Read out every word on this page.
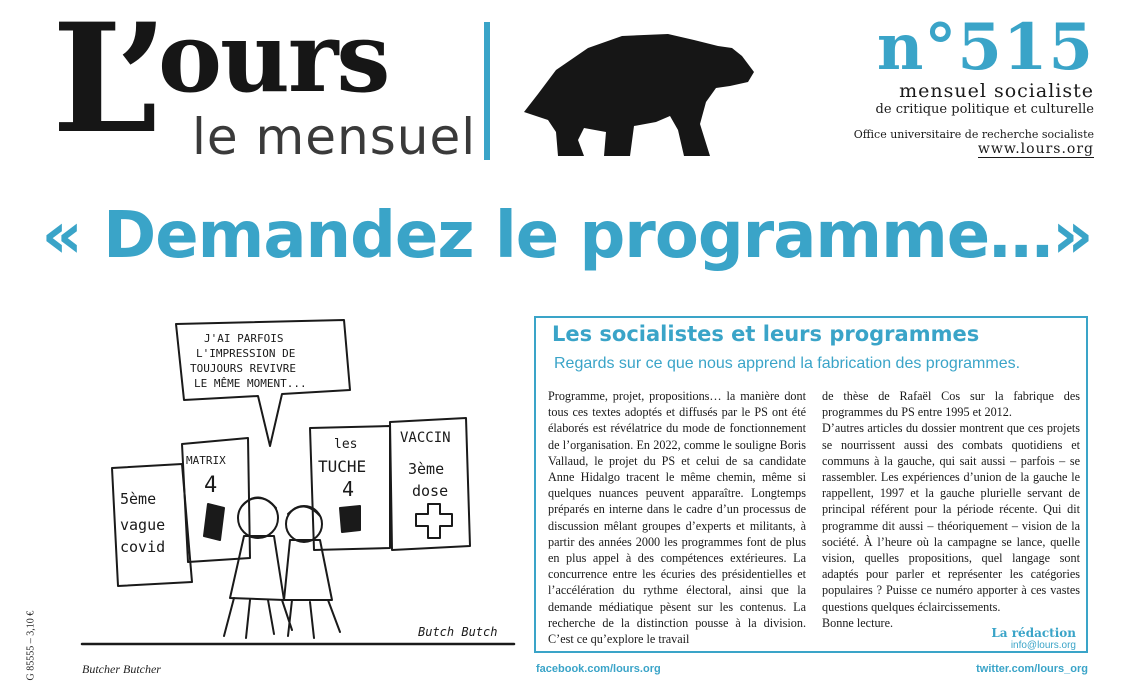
L’
ours
le mensuel
n°515
mensuel socialiste
de critique politique et culturelle
Office universitaire de recherche socialiste
www.lours.org
« Demandez le programme…»
J'AI PARFOIS
L'IMPRESSION DE
TOUJOURS REVIVRE
LE MÊME MOMENT...
5ème
vague
covid
MATRIX
4
les
TUCHE
4
VACCIN
3ème
dose
Butch Butch
Butcher Butcher
G 85555 – 3,10 €
Les socialistes et leurs programmes
Regards sur ce que nous apprend la fabrication des programmes.

Programme, projet, propositions… la manière dont tous ces textes adoptés et diffusés par le PS ont été élaborés est révélatrice du mode de fonctionnement de l’organisation. En 2022, comme le souligne Boris Vallaud, le projet du PS et celui de sa candidate Anne Hidalgo tracent le même chemin, même si quelques nuances peuvent apparaître. Longtemps préparés en interne dans le cadre d’un processus de discussion mêlant groupes d’experts et militants, à partir des années 2000 les programmes font de plus en plus appel à des compétences extérieures. La concurrence entre les écuries des présidentielles et l’accélération du rythme électoral, ainsi que la demande médiatique pèsent sur les contenus. La recherche de la distinction pousse à la division. C’est ce qu’explore le travail

de thèse de Rafaël Cos sur la fabrique des programmes du PS entre 1995 et 2012.

D’autres articles du dossier montrent que ces projets se nourrissent aussi des combats quotidiens et communs à la gauche, qui sait aussi – parfois – se rassembler. Les expériences d’union de la gauche le rappellent, 1997 et la gauche plurielle servant de principal référent pour la période récente. Qui dit programme dit aussi – théoriquement – vision de la société. À l’heure où la campagne se lance, quelle vision, quelles propositions, quel langage sont adaptés pour parler et représenter les catégories populaires ? Puisse ce numéro apporter à ces vastes questions quelques éclaircissements.

Bonne lecture.

La rédaction
info@lours.org
facebook.com/lours.org	twitter.com/lours_org
